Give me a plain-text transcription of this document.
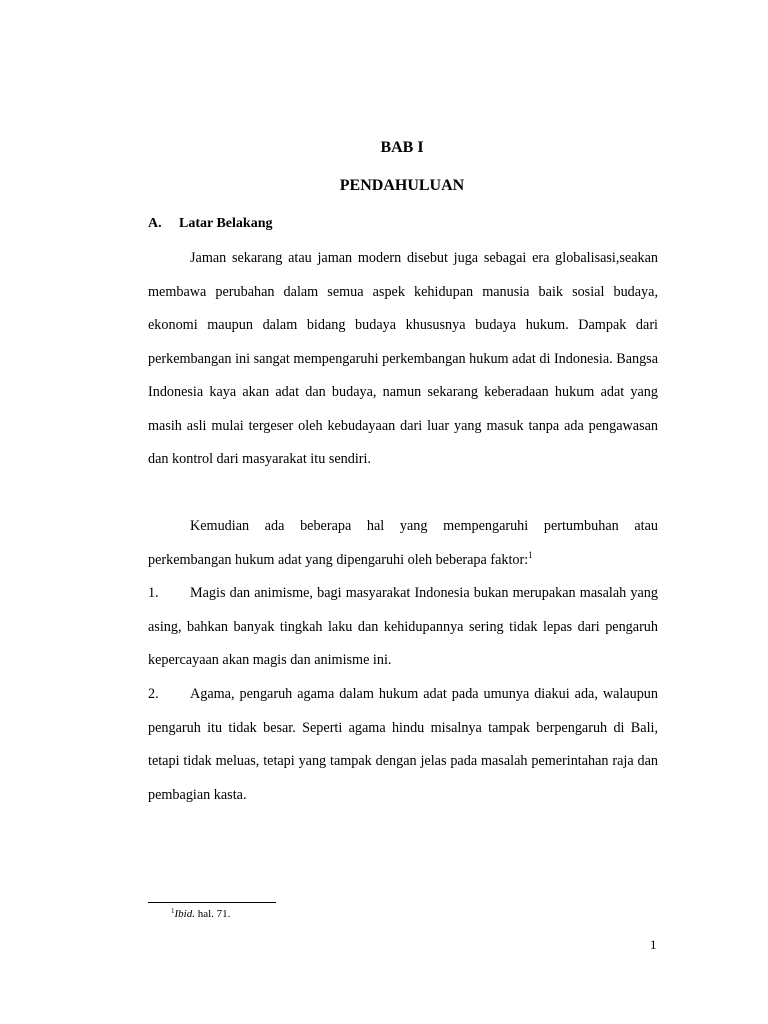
BAB I

PENDAHULUAN

A. Latar Belakang

Jaman sekarang atau jaman modern disebut juga sebagai era globalisasi,seakan membawa perubahan dalam semua aspek kehidupan manusia baik sosial budaya, ekonomi maupun dalam bidang budaya khususnya budaya hukum. Dampak dari perkembangan ini sangat mempengaruhi perkembangan hukum adat di Indonesia. Bangsa Indonesia kaya akan adat dan budaya, namun sekarang keberadaan hukum adat yang masih asli mulai tergeser oleh kebudayaan dari luar yang masuk tanpa ada pengawasan dan kontrol dari masyarakat itu sendiri.

Kemudian ada beberapa hal yang mempengaruhi pertumbuhan atau perkembangan hukum adat yang dipengaruhi oleh beberapa faktor:$^1$

1. Magis dan animisme, bagi masyarakat Indonesia bukan merupakan masalah yang asing, bahkan banyak tingkah laku dan kehidupannya sering tidak lepas dari pengaruh kepercayaan akan magis dan animisme ini.

2. Agama, pengaruh agama dalam hukum adat pada umunya diakui ada, walaupun pengaruh itu tidak besar. Seperti agama hindu misalnya tampak berpengaruh di Bali, tetapi tidak meluas, tetapi yang tampak dengan jelas pada masalah pemerintahan raja dan pembagian kasta.

$^1$Ibid. hal. 71.

1
